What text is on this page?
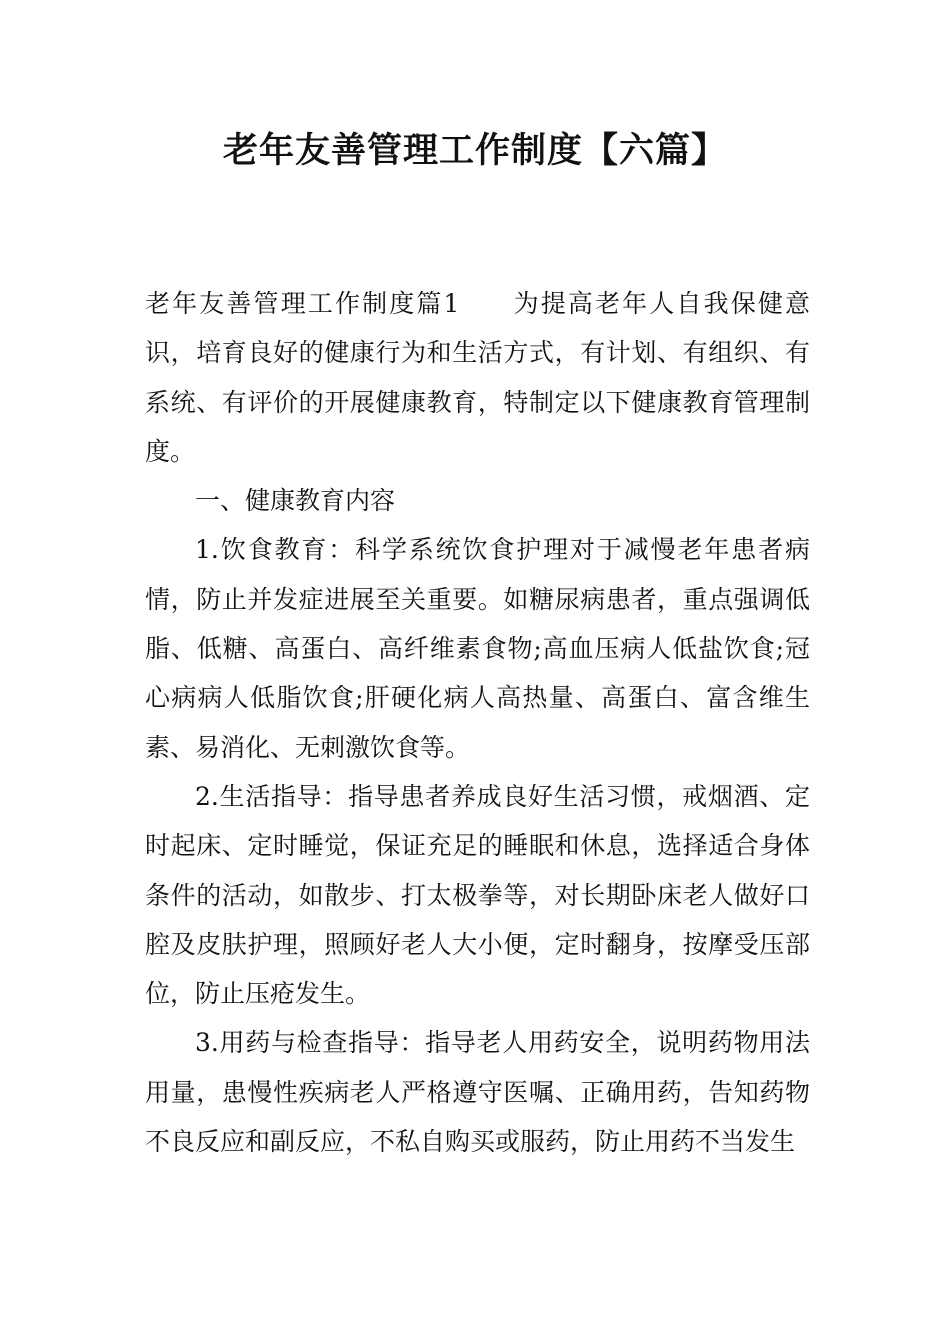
老年友善管理工作制度【六篇】

老年友善管理工作制度篇1 为提高老年人自我保健意识，培育良好的健康行为和生活方式，有计划、有组织、有系统、有评价的开展健康教育，特制定以下健康教育管理制度。

一、健康教育内容

1.饮食教育：科学系统饮食护理对于减慢老年患者病情，防止并发症进展至关重要。如糖尿病患者，重点强调低脂、低糖、高蛋白、高纤维素食物;高血压病人低盐饮食;冠心病病人低脂饮食;肝硬化病人高热量、高蛋白、富含维生素、易消化、无刺激饮食等。

2.生活指导：指导患者养成良好生活习惯，戒烟酒、定时起床、定时睡觉，保证充足的睡眠和休息，选择适合身体条件的活动，如散步、打太极拳等，对长期卧床老人做好口腔及皮肤护理，照顾好老人大小便，定时翻身，按摩受压部位，防止压疮发生。

3.用药与检查指导：指导老人用药安全，说明药物用法用量，患慢性疾病老人严格遵守医嘱、正确用药，告知药物不良反应和副反应，不私自购买或服药，防止用药不当发生
